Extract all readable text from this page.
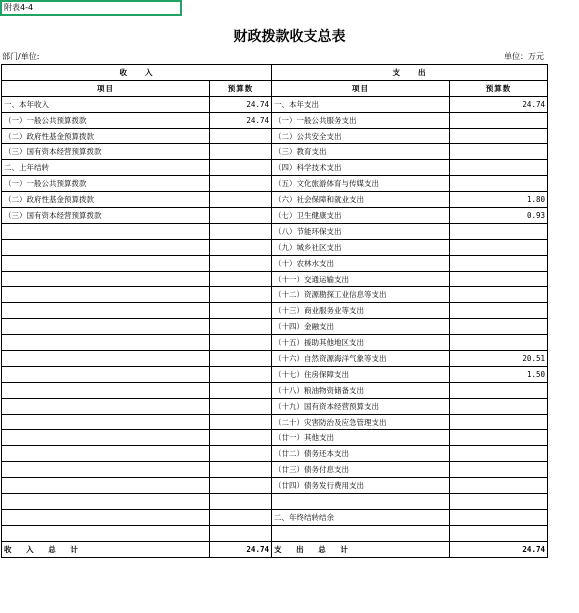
附表4-4
财政拨款收支总表
部门/单位:	单位：万元
收　　入		支　　出	
项目	预算数	项目	预算数
一、本年收入	24.74	一、本年支出	24.74
（一）一般公共预算拨款	24.74	（一）一般公共服务支出	
（二）政府性基金预算拨款		（二）公共安全支出	
（三）国有资本经营预算拨款		（三）教育支出	
二、上年结转		（四）科学技术支出	
（一）一般公共预算拨款		（五）文化旅游体育与传媒支出	
（二）政府性基金预算拨款		（六）社会保障和就业支出	1.80
（三）国有资本经营预算拨款		（七）卫生健康支出	0.93
		（八）节能环保支出	
		（九）城乡社区支出	
		（十）农林水支出	
		（十一）交通运输支出	
		（十二）资源勘探工业信息等支出	
		（十三）商业服务业等支出	
		（十四）金融支出	
		（十五）援助其他地区支出	
		（十六）自然资源海洋气象等支出	20.51
		（十七）住房保障支出	1.50
		（十八）粮油物资储备支出	
		（十九）国有资本经营预算支出	
		（二十）灾害防治及应急管理支出	
		（廿一）其他支出	
		（廿二）债务还本支出	
		（廿三）债务付息支出	
		（廿四）债务发行费用支出	

		二、年终结转结余	

收 入 总 计	24.74	支 出 总 计	24.74
